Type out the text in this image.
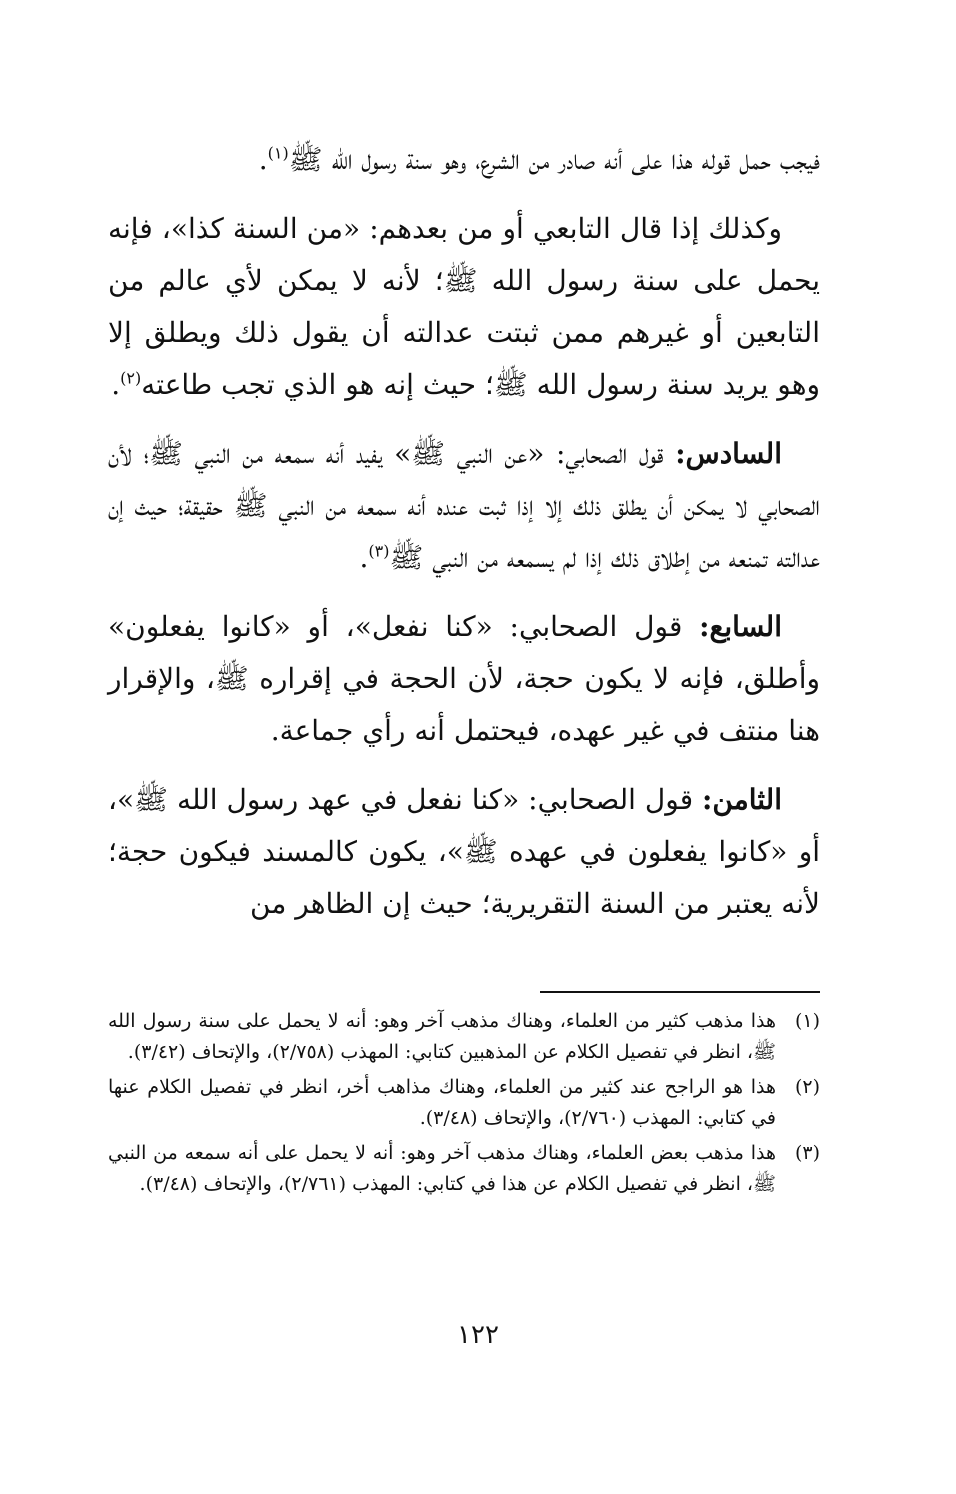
فيجب حمل قوله هذا على أنه صادر من الشرع، وهو سنة رسول الله ﷺ$^{(١)}$.

وكذلك إذا قال التابعي أو من بعدهم: «من السنة كذا»، فإنه يحمل على سنة رسول الله ﷺ؛ لأنه لا يمكن لأي عالم من التابعين أو غيرهم ممن ثبتت عدالته أن يقول ذلك ويطلق إلا وهو يريد سنة رسول الله ﷺ؛ حيث إنه هو الذي تجب طاعته$^{(٢)}$.

السادس: قول الصحابي: «عن النبي ﷺ» يفيد أنه سمعه من النبي ﷺ؛ لأن الصحابي لا يمكن أن يطلق ذلك إلا إذا ثبت عنده أنه سمعه من النبي ﷺ حقيقة؛ حيث إن عدالته تمنعه من إطلاق ذلك إذا لم يسمعه من النبي ﷺ$^{(٣)}$.

السابع: قول الصحابي: «كنا نفعل»، أو «كانوا يفعلون» وأطلق، فإنه لا يكون حجة، لأن الحجة في إقراره ﷺ، والإقرار هنا منتف في غير عهده، فيحتمل أنه رأي جماعة.

الثامن: قول الصحابي: «كنا نفعل في عهد رسول الله ﷺ»، أو «كانوا يفعلون في عهده ﷺ»، يكون كالمسند فيكون حجة؛ لأنه يعتبر من السنة التقريرية؛ حيث إن الظاهر من

(١)
هذا مذهب كثير من العلماء، وهناك مذهب آخر وهو: أنه لا يحمل على سنة رسول الله ﷺ، انظر في تفصيل الكلام عن المذهبين كتابي: المهذب (٢/٧٥٨)، والإتحاف (٣/٤٢).
(٢)
هذا هو الراجح عند كثير من العلماء، وهناك مذاهب أخر، انظر في تفصيل الكلام عنها في كتابي: المهذب (٢/٧٦٠)، والإتحاف (٣/٤٨).
(٣)
هذا مذهب بعض العلماء، وهناك مذهب آخر وهو: أنه لا يحمل على أنه سمعه من النبي ﷺ، انظر في تفصيل الكلام عن هذا في كتابي: المهذب (٢/٧٦١)، والإتحاف (٣/٤٨).
١٢٢
